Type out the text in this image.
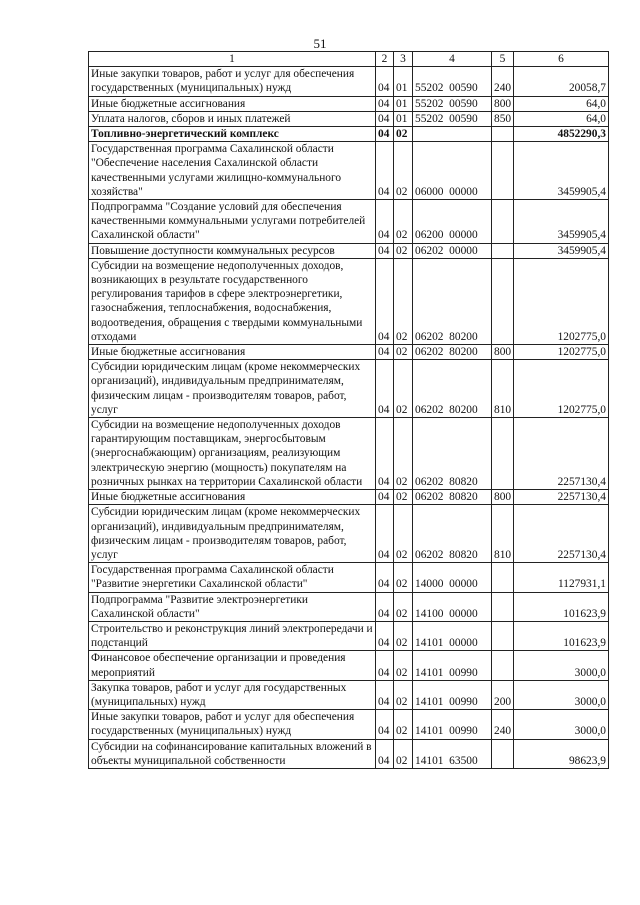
51
1	2	3	4	5	6
Иные закупки товаров, работ и услуг для обеспечения государственных (муниципальных) нужд	04	01	55202  00590	240	20058,7
Иные бюджетные ассигнования	04	01	55202  00590	800	64,0
Уплата налогов, сборов и иных платежей	04	01	55202  00590	850	64,0
Топливно-энергетический комплекс	04	02			4852290,3
Государственная программа Сахалинской области "Обеспечение населения Сахалинской области качественными услугами жилищно-коммунального хозяйства"	04	02	06000  00000		3459905,4
Подпрограмма "Создание условий для обеспечения качественными коммунальными услугами потребителей Сахалинской области"	04	02	06200  00000		3459905,4
Повышение доступности коммунальных ресурсов	04	02	06202  00000		3459905,4
Субсидии на возмещение недополученных доходов, возникающих в результате государственного регулирования тарифов в сфере электроэнергетики, газоснабжения, теплоснабжения, водоснабжения, водоотведения, обращения с твердыми коммунальными отходами	04	02	06202  80200		1202775,0
Иные бюджетные ассигнования	04	02	06202  80200	800	1202775,0
Субсидии юридическим лицам (кроме некоммерческих организаций), индивидуальным предпринимателям, физическим лицам - производителям товаров, работ, услуг	04	02	06202  80200	810	1202775,0
Субсидии на возмещение недополученных доходов гарантирующим поставщикам, энергосбытовым (энергоснабжающим) организациям, реализующим электрическую энергию (мощность) покупателям на розничных рынках на территории Сахалинской области	04	02	06202  80820		2257130,4
Иные бюджетные ассигнования	04	02	06202  80820	800	2257130,4
Субсидии юридическим лицам (кроме некоммерческих организаций), индивидуальным предпринимателям, физическим лицам - производителям товаров, работ, услуг	04	02	06202  80820	810	2257130,4
Государственная программа Сахалинской области "Развитие энергетики Сахалинской области"	04	02	14000  00000		1127931,1
Подпрограмма "Развитие электроэнергетики Сахалинской области"	04	02	14100  00000		101623,9
Строительство и реконструкция линий электропередачи и подстанций	04	02	14101  00000		101623,9
Финансовое обеспечение организации и проведения мероприятий	04	02	14101  00990		3000,0
Закупка товаров, работ и услуг для государственных (муниципальных) нужд	04	02	14101  00990	200	3000,0
Иные закупки товаров, работ и услуг для обеспечения государственных (муниципальных) нужд	04	02	14101  00990	240	3000,0
Субсидии на софинансирование капитальных вложений в объекты муниципальной собственности	04	02	14101  63500		98623,9
